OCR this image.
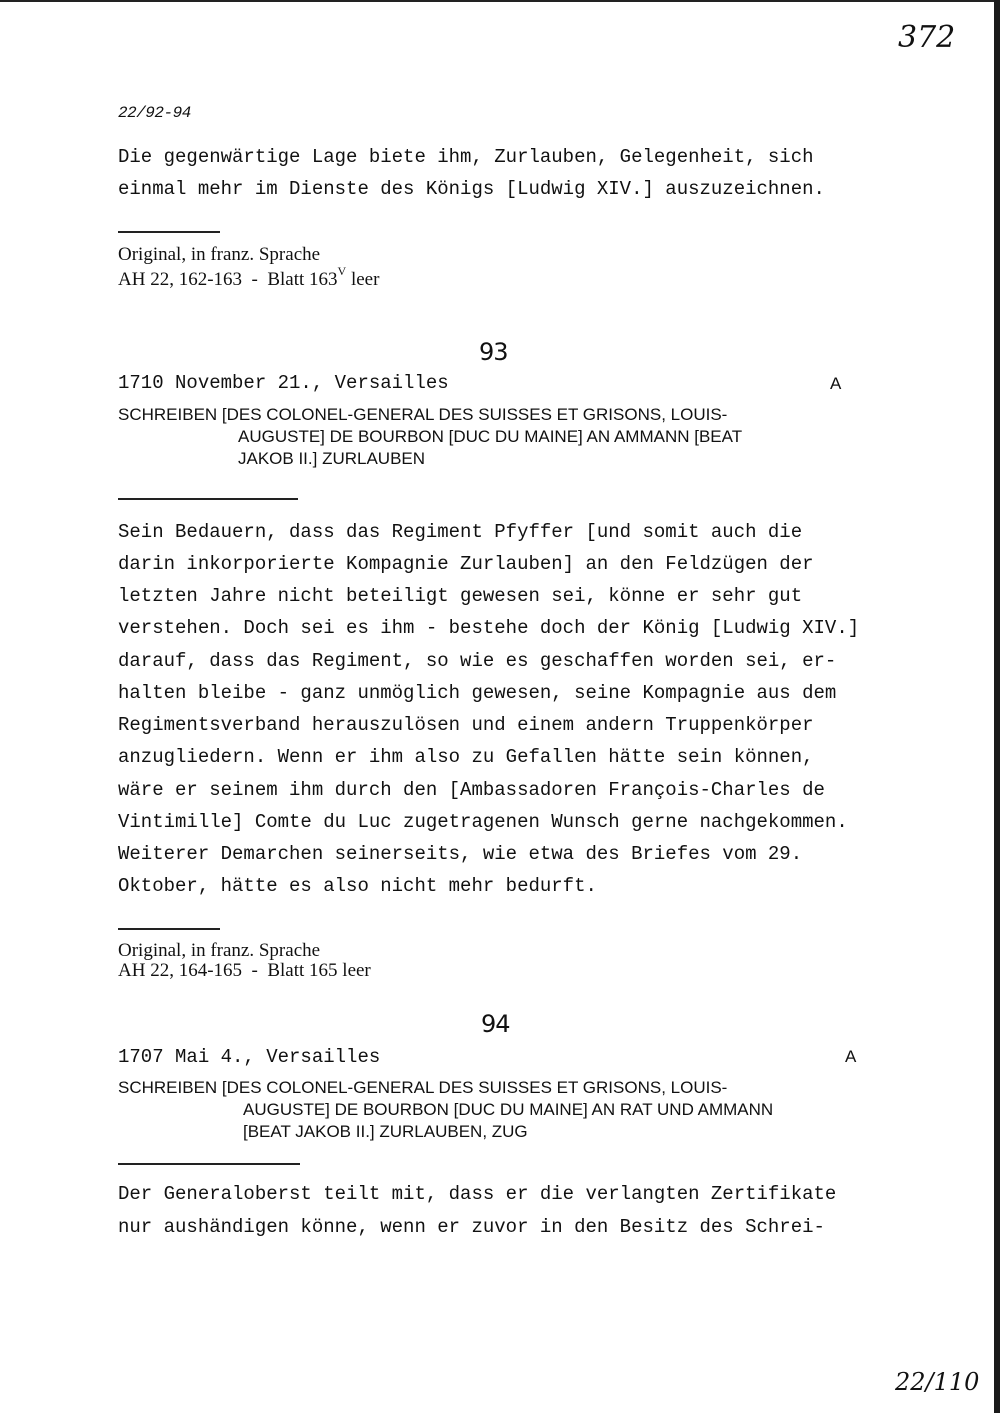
372
22/92-94
Die gegenwärtige Lage biete ihm, Zurlauben, Gelegenheit, sich
einmal mehr im Dienste des Königs [Ludwig XIV.] auszuzeichnen.
Original, in franz. Sprache
AH 22, 162-163  -  Blatt $163^V$ leer
93
1710 November 21., Versailles	A
SCHREIBEN [DES COLONEL-GENERAL DES SUISSES ET GRISONS, LOUIS-
AUGUSTE] DE BOURBON [DUC DU MAINE] AN AMMANN [BEAT
JAKOB II.] ZURLAUBEN
Sein Bedauern, dass das Regiment Pfyffer [und somit auch die
darin inkorporierte Kompagnie Zurlauben] an den Feldzügen der
letzten Jahre nicht beteiligt gewesen sei, könne er sehr gut
verstehen. Doch sei es ihm - bestehe doch der König [Ludwig XIV.]
darauf, dass das Regiment, so wie es geschaffen worden sei, er-
halten bleibe - ganz unmöglich gewesen, seine Kompagnie aus dem
Regimentsverband herauszulösen und einem andern Truppenkörper
anzugliedern. Wenn er ihm also zu Gefallen hätte sein können,
wäre er seinem ihm durch den [Ambassadoren François-Charles de
Vintimille] Comte du Luc zugetragenen Wunsch gerne nachgekommen.
Weiterer Demarchen seinerseits, wie etwa des Briefes vom 29.
Oktober, hätte es also nicht mehr bedurft.
Original, in franz. Sprache
AH 22, 164-165  -  Blatt 165 leer
94
1707 Mai 4., Versailles	A
SCHREIBEN [DES COLONEL-GENERAL DES SUISSES ET GRISONS, LOUIS-
AUGUSTE] DE BOURBON [DUC DU MAINE] AN RAT UND AMMANN
[BEAT JAKOB II.] ZURLAUBEN, ZUG
Der Generaloberst teilt mit, dass er die verlangten Zertifikate
nur aushändigen könne, wenn er zuvor in den Besitz des Schrei-
22/110
